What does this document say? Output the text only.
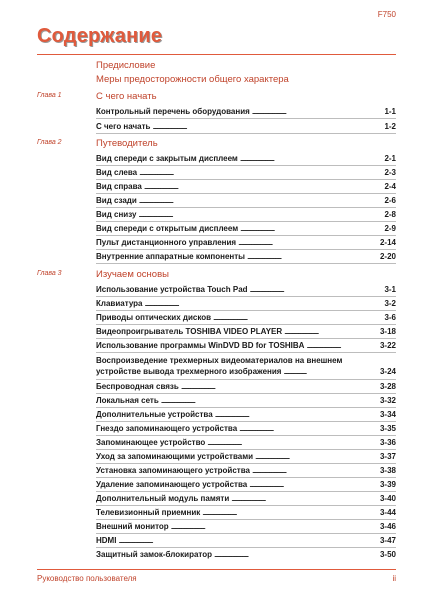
F750
Содержание
Предисловие
Меры предосторожности общего характера
Глава 1	С чего начать
Контрольный перечень оборудования . . .	1-1
С чего начать . . .	1-2
Глава 2	Путеводитель
Вид спереди с закрытым дисплеем . . .	2-1
Вид слева . . .	2-3
Вид справа . . .	2-4
Вид сзади . . .	2-6
Вид снизу . . .	2-8
Вид спереди с открытым дисплеем . . .	2-9
Пульт дистанционного управления . . .	2-14
Внутренние аппаратные компоненты . . .	2-20
Глава 3	Изучаем основы
Использование устройства Touch Pad . . .	3-1
Клавиатура . . .	3-2
Приводы оптических дисков . . .	3-6
Видеопроигрыватель TOSHIBA VIDEO PLAYER . . .	3-18
Использование программы WinDVD BD for TOSHIBA . . .	3-22
Воспроизведение трехмерных видеоматериалов на внешнем
устройстве вывода трехмерного изображения . . .	3-24
Беспроводная связь . . .	3-28
Локальная сеть . . .	3-32
Дополнительные устройства . . .	3-34
Гнездо запоминающего устройства . . .	3-35
Запоминающее устройство . . .	3-36
Уход за запоминающими устройствами . . .	3-37
Установка запоминающего устройства . . .	3-38
Удаление запоминающего устройства . . .	3-39
Дополнительный модуль памяти . . .	3-40
Телевизионный приемник . . .	3-44
Внешний монитор . . .	3-46
HDMI . . .	3-47
Защитный замок-блокиратор . . .	3-50
Руководство пользователя	ii
